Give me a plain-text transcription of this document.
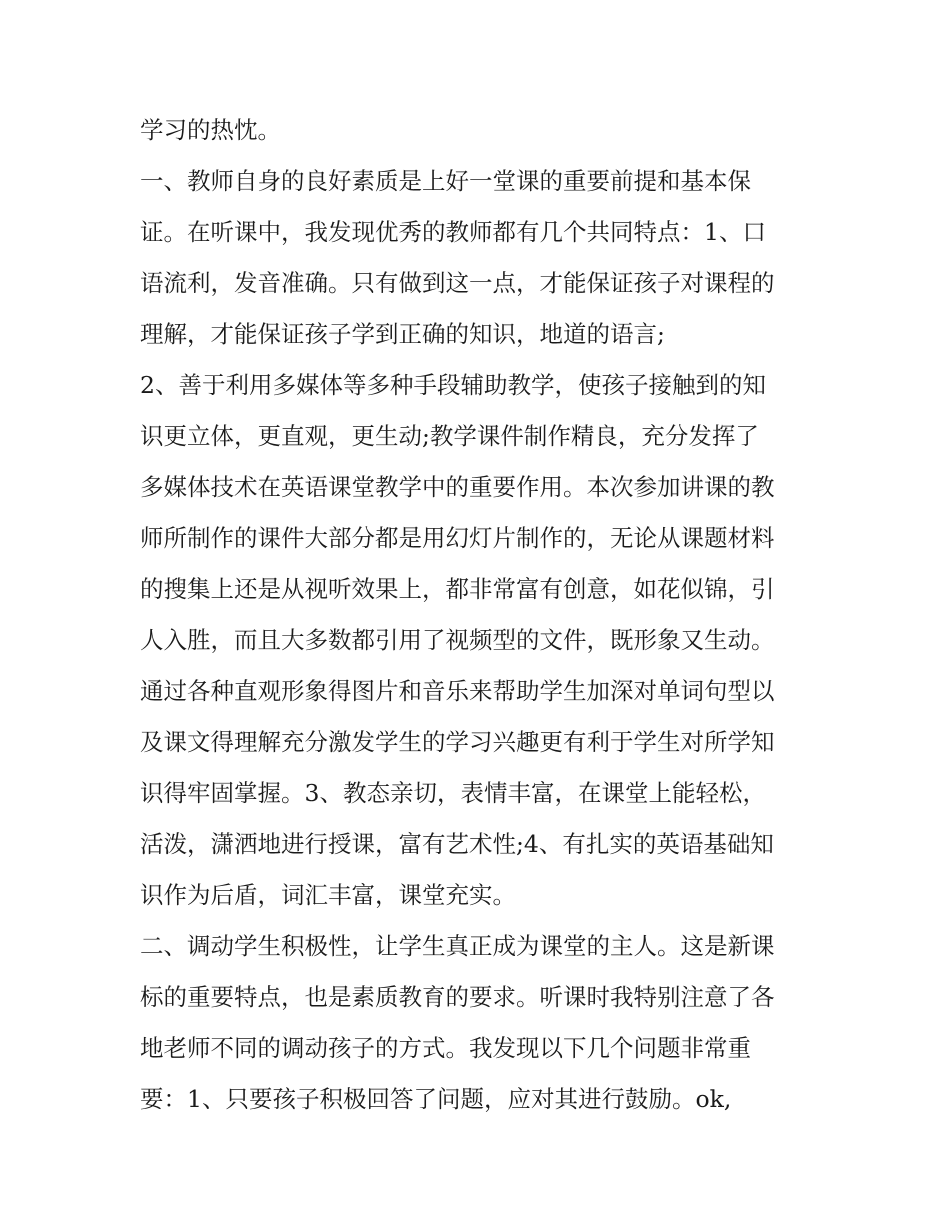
学习的热忱。
一、教师自身的良好素质是上好一堂课的重要前提和基本保
证。在听课中，我发现优秀的教师都有几个共同特点：1、口
语流利，发音准确。只有做到这一点，才能保证孩子对课程的
理解，才能保证孩子学到正确的知识，地道的语言;
2、善于利用多媒体等多种手段辅助教学，使孩子接触到的知
识更立体，更直观，更生动;教学课件制作精良，充分发挥了
多媒体技术在英语课堂教学中的重要作用。本次参加讲课的教
师所制作的课件大部分都是用幻灯片制作的，无论从课题材料
的搜集上还是从视听效果上，都非常富有创意，如花似锦，引
人入胜，而且大多数都引用了视频型的文件，既形象又生动。
通过各种直观形象得图片和音乐来帮助学生加深对单词句型以
及课文得理解充分激发学生的学习兴趣更有利于学生对所学知
识得牢固掌握。3、教态亲切，表情丰富，在课堂上能轻松，
活泼，潇洒地进行授课，富有艺术性;4、有扎实的英语基础知
识作为后盾，词汇丰富，课堂充实。
二、调动学生积极性，让学生真正成为课堂的主人。这是新课
标的重要特点，也是素质教育的要求。听课时我特别注意了各
地老师不同的调动孩子的方式。我发现以下几个问题非常重
要：1、只要孩子积极回答了问题，应对其进行鼓励。ok,
